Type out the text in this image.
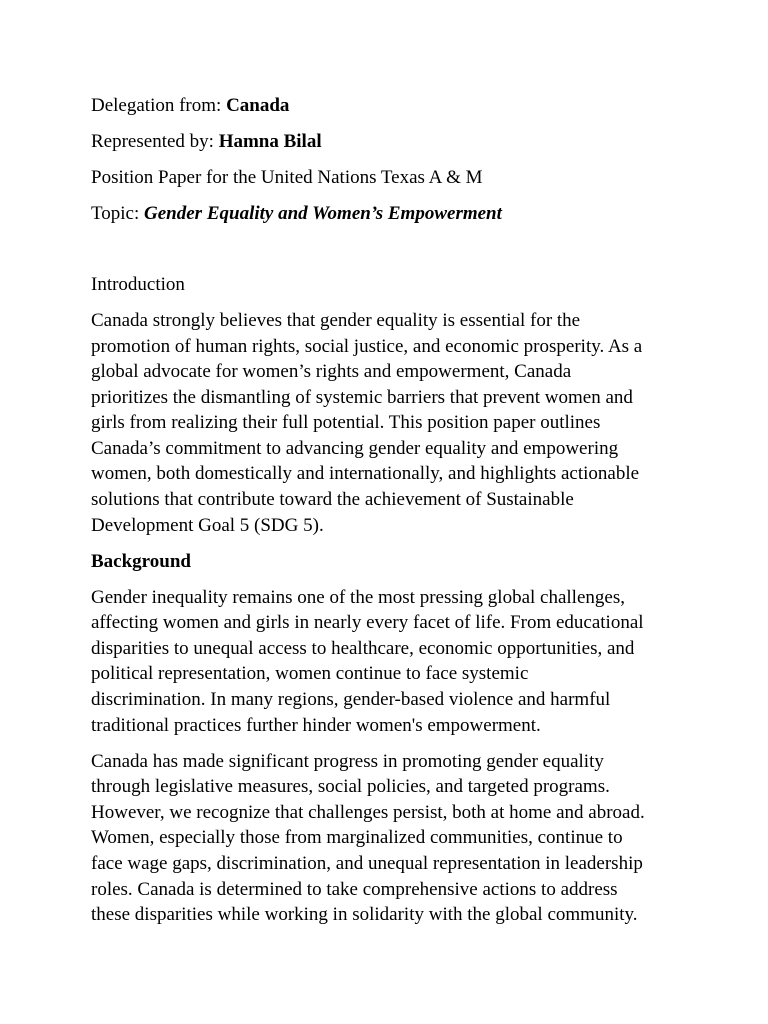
Delegation from: Canada

Represented by: Hamna Bilal

Position Paper for the United Nations Texas A & M

Topic: Gender Equality and Women’s Empowerment

Introduction

Canada strongly believes that gender equality is essential for the
promotion of human rights, social justice, and economic prosperity. As a
global advocate for women’s rights and empowerment, Canada
prioritizes the dismantling of systemic barriers that prevent women and
girls from realizing their full potential. This position paper outlines
Canada’s commitment to advancing gender equality and empowering
women, both domestically and internationally, and highlights actionable
solutions that contribute toward the achievement of Sustainable
Development Goal 5 (SDG 5).

Background

Gender inequality remains one of the most pressing global challenges,
affecting women and girls in nearly every facet of life. From educational
disparities to unequal access to healthcare, economic opportunities, and
political representation, women continue to face systemic
discrimination. In many regions, gender-based violence and harmful
traditional practices further hinder women's empowerment.
Canada has made significant progress in promoting gender equality
through legislative measures, social policies, and targeted programs.
However, we recognize that challenges persist, both at home and abroad.
Women, especially those from marginalized communities, continue to
face wage gaps, discrimination, and unequal representation in leadership
roles. Canada is determined to take comprehensive actions to address
these disparities while working in solidarity with the global community.
